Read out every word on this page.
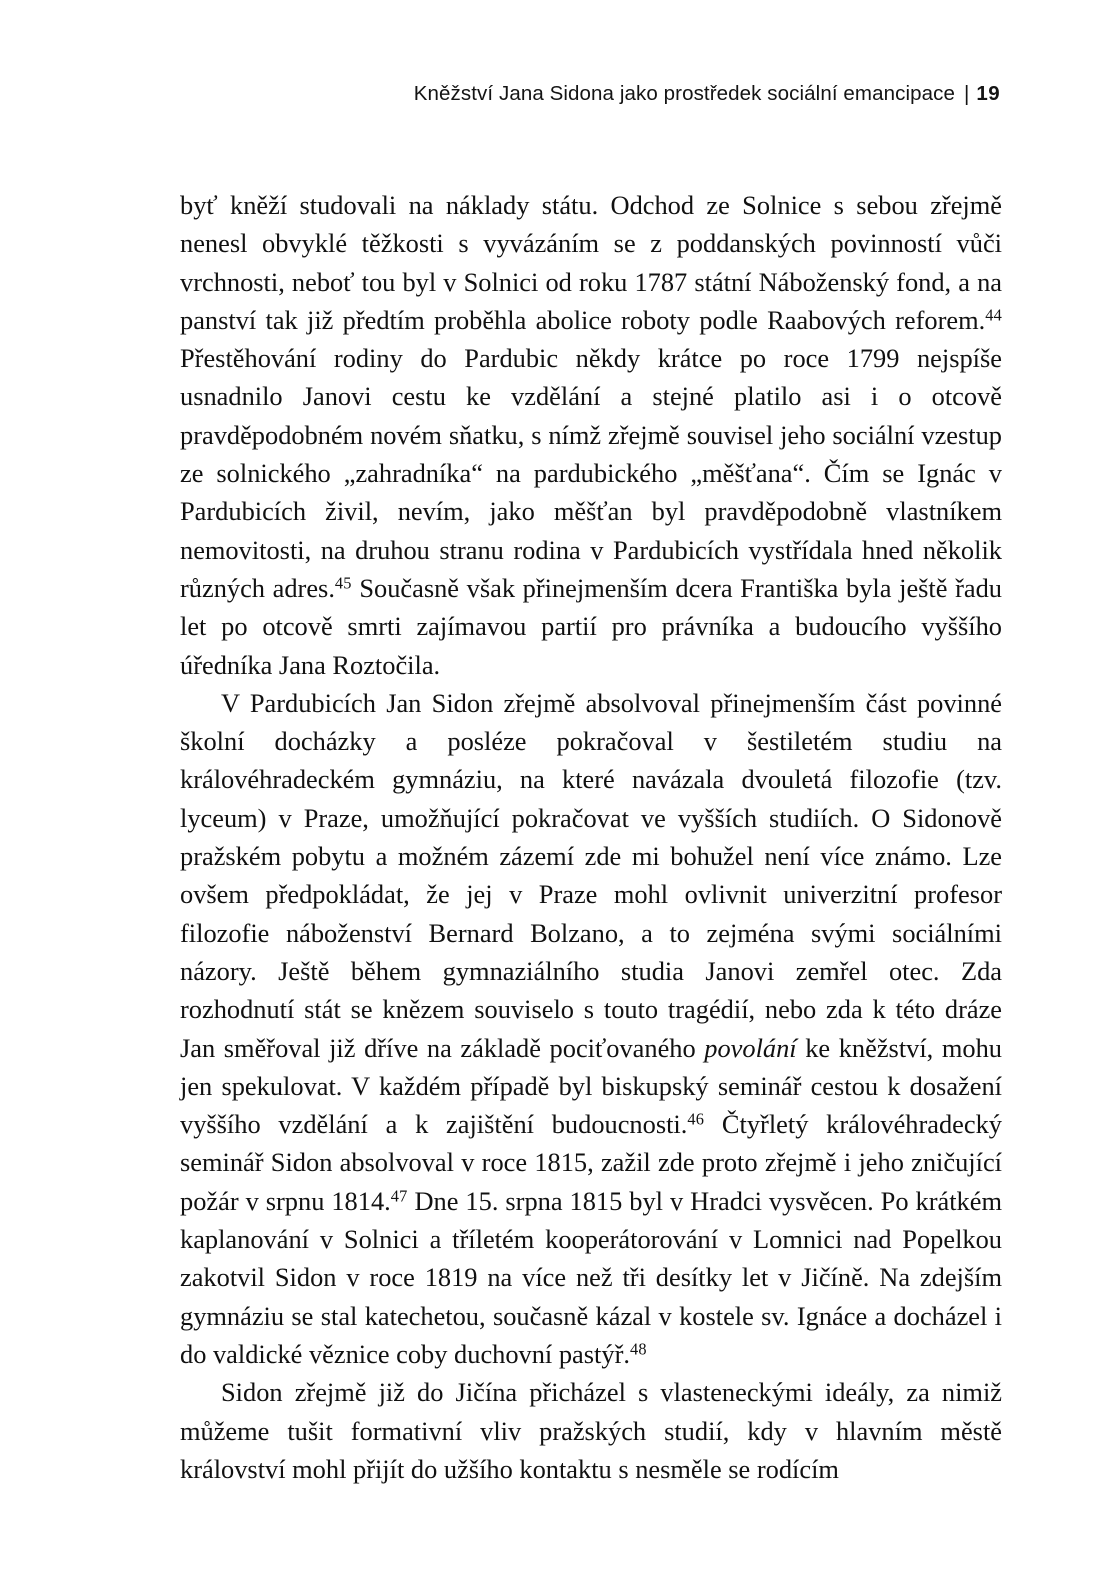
Kněžství Jana Sidona jako prostředek sociální emancipace | 19

byť kněží studovali na náklady státu. Odchod ze Solnice s sebou zřejmě nenesl obvyklé těžkosti s vyvázáním se z poddanských povinností vůči vrchnosti, neboť tou byl v Solnici od roku 1787 státní Náboženský fond, a na panství tak již předtím proběhla abolice roboty podle Raabových reforem.$^{44}$ Přestěhování rodiny do Pardubic někdy krátce po roce 1799 nejspíše usnadnilo Janovi cestu ke vzdělání a stejné platilo asi i o otcově pravděpodobném novém sňatku, s nímž zřejmě souvisel jeho sociální vzestup ze solnického „zahradníka“ na pardubického „měšťana“. Čím se Ignác v Pardubicích živil, nevím, jako měšťan byl pravděpodobně vlastníkem nemovitosti, na druhou stranu rodina v Pardubicích vystřídala hned několik různých adres.$^{45}$ Současně však přinejmenším dcera Františka byla ještě řadu let po otcově smrti zajímavou partií pro právníka a budoucího vyššího úředníka Jana Roztočila.

V Pardubicích Jan Sidon zřejmě absolvoval přinejmenším část povinné školní docházky a posléze pokračoval v šestiletém studiu na královéhradeckém gymnáziu, na které navázala dvouletá filozofie (tzv. lyceum) v Praze, umožňující pokračovat ve vyšších studiích. O Sidonově pražském pobytu a možném zázemí zde mi bohužel není více známo. Lze ovšem předpokládat, že jej v Praze mohl ovlivnit univerzitní profesor filozofie náboženství Bernard Bolzano, a to zejména svými sociálními názory. Ještě během gymnaziálního studia Janovi zemřel otec. Zda rozhodnutí stát se knězem souviselo s touto tragédií, nebo zda k této dráze Jan směřoval již dříve na základě pociťovaného povolání ke kněžství, mohu jen spekulovat. V každém případě byl biskupský seminář cestou k dosažení vyššího vzdělání a k zajištění budoucnosti.$^{46}$ Čtyřletý královéhradecký seminář Sidon absolvoval v roce 1815, zažil zde proto zřejmě i jeho zničující požár v srpnu 1814.47 Dne 15. srpna 1815 byl v Hradci vysvěcen. Po krátkém kaplanování v Solnici a tříletém kooperátorování v Lomnici nad Popelkou zakotvil Sidon v roce 1819 na více než tři desítky let v Jičíně. Na zdejším gymnáziu se stal katechetou, současně kázal v kostele sv. Ignáce a docházel i do valdické věznice coby duchovní pastýř.$^{48}$

Sidon zřejmě již do Jičína přicházel s vlasteneckými ideály, za nimiž můžeme tušit formativní vliv pražských studií, kdy v hlavním městě království mohl přijít do užšího kontaktu s nesměle se rodícím
